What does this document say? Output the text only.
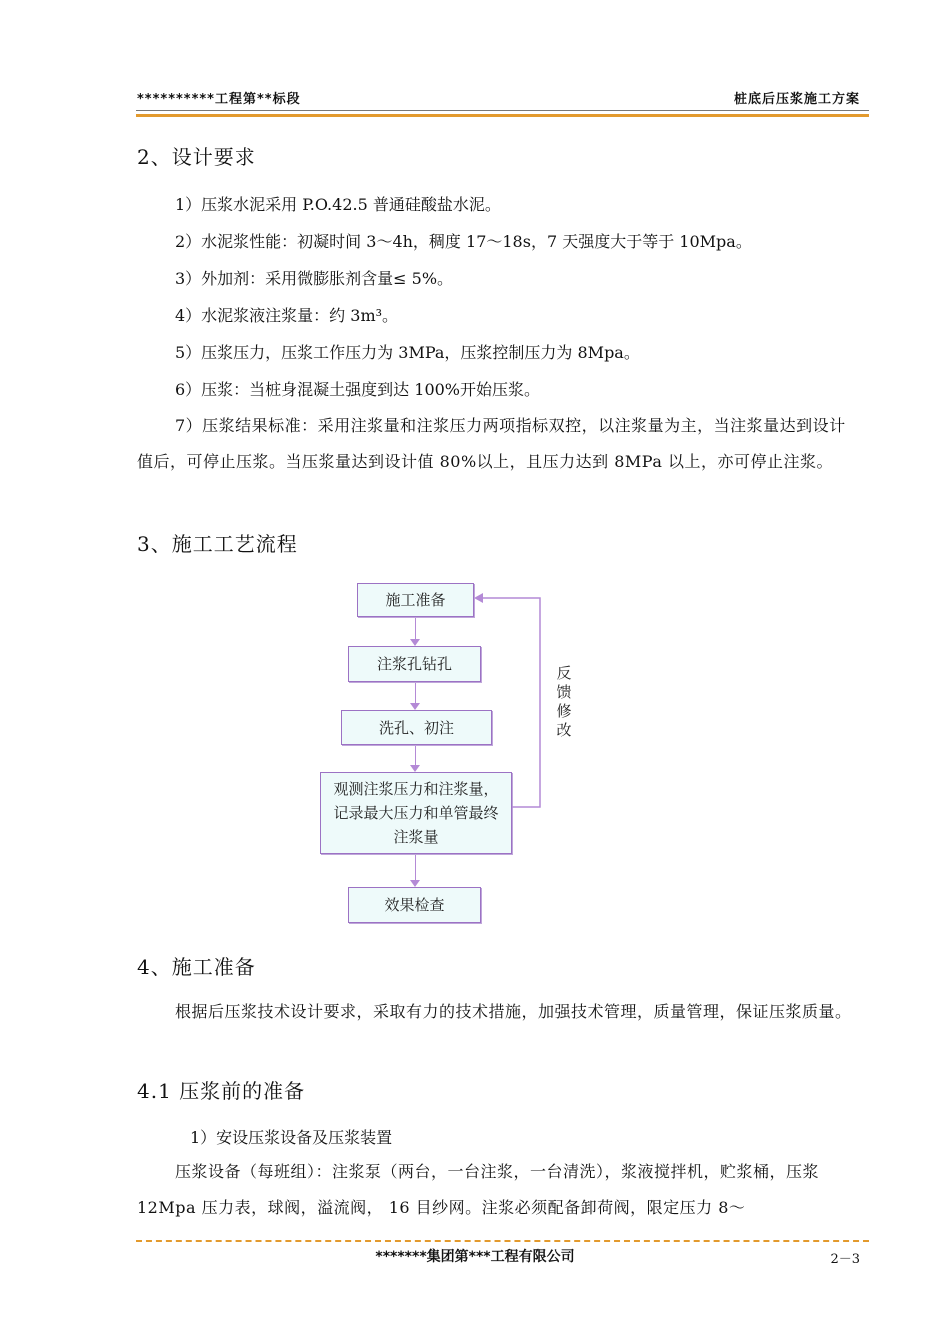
**********工程第**标段	桩底后压浆施工方案
2、设计要求
1）压浆水泥采用 P.O.42.5 普通硅酸盐水泥。
2）水泥浆性能：初凝时间 3～4h，稠度 17～18s，7 天强度大于等于 10Mpa。
3）外加剂：采用微膨胀剂含量≤ 5%。
4）水泥浆液注浆量：约 3m³。
5）压浆压力，压浆工作压力为 3MPa，压浆控制压力为 8Mpa。
6）压浆：当桩身混凝土强度到达 100%开始压浆。
7）压浆结果标准：采用注浆量和注浆压力两项指标双控，以注浆量为主，当注浆量达到设计值后，可停止压浆。当压浆量达到设计值 80%以上，且压力达到 8MPa 以上，亦可停止注浆。
3、施工工艺流程
施工准备
注浆孔钻孔
洗孔、初注
观测注浆压力和注浆量，记录最大压力和单管最终注浆量
效果检查
反
馈
修
改
4、施工准备
根据后压浆技术设计要求，采取有力的技术措施，加强技术管理，质量管理，保证压浆质量。
4.1 压浆前的准备
1）安设压浆设备及压浆装置
压浆设备（每班组）：注浆泵（两台，一台注浆，一台清洗），浆液搅拌机，贮浆桶，压浆 12Mpa 压力表，球阀，溢流阀， 16 目纱网。注浆必须配备卸荷阀，限定压力 8～
*******集团第***工程有限公司	2－3
